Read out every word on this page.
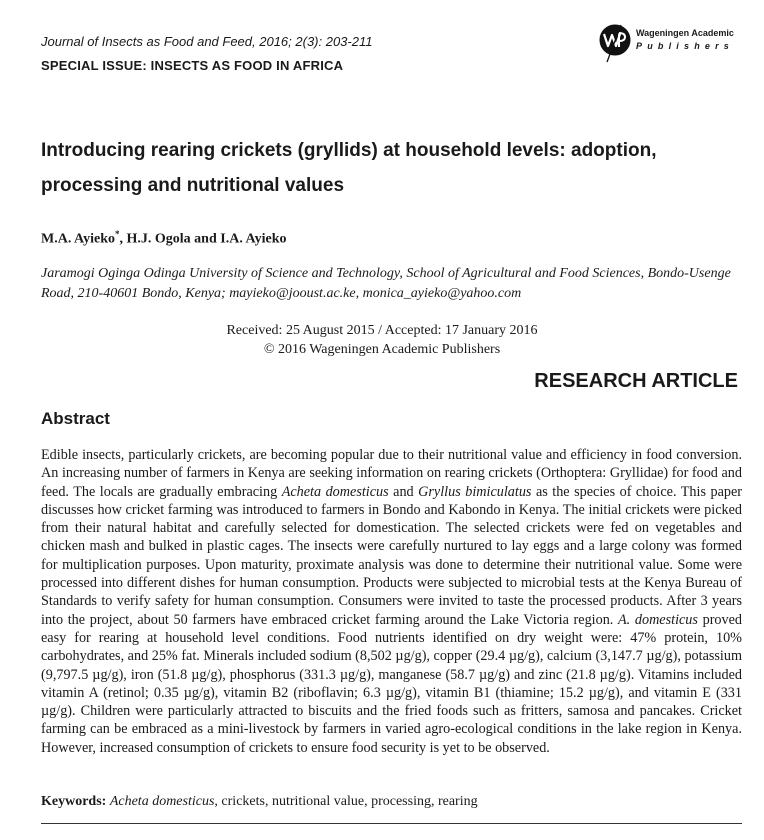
Journal of Insects as Food and Feed, 2016; 2(3): 203-211
SPECIAL ISSUE: INSECTS AS FOOD IN AFRICA
Wageningen Academic
Publishers
Introducing rearing crickets (gryllids) at household levels: adoption, processing and nutritional values
M.A. Ayieko*, H.J. Ogola and I.A. Ayieko
Jaramogi Oginga Odinga University of Science and Technology, School of Agricultural and Food Sciences, Bondo-Usenge Road, 210-40601 Bondo, Kenya; mayieko@jooust.ac.ke, monica_ayieko@yahoo.com
Received: 25 August 2015 / Accepted: 17 January 2016
© 2016 Wageningen Academic Publishers
RESEARCH ARTICLE
Abstract
Edible insects, particularly crickets, are becoming popular due to their nutritional value and efficiency in food conversion. An increasing number of farmers in Kenya are seeking information on rearing crickets (Orthoptera: Gryllidae) for food and feed. The locals are gradually embracing Acheta domesticus and Gryllus bimiculatus as the species of choice. This paper discusses how cricket farming was introduced to farmers in Bondo and Kabondo in Kenya. The initial crickets were picked from their natural habitat and carefully selected for domestication. The selected crickets were fed on vegetables and chicken mash and bulked in plastic cages. The insects were carefully nurtured to lay eggs and a large colony was formed for multiplication purposes. Upon maturity, proximate analysis was done to determine their nutritional value. Some were processed into different dishes for human consumption. Products were subjected to microbial tests at the Kenya Bureau of Standards to verify safety for human consumption. Consumers were invited to taste the processed products. After 3 years into the project, about 50 farmers have embraced cricket farming around the Lake Victoria region. A. domesticus proved easy for rearing at household level conditions. Food nutrients identified on dry weight were: 47% protein, 10% carbohydrates, and 25% fat. Minerals included sodium (8,502 µg/g), copper (29.4 µg/g), calcium (3,147.7 µg/g), potassium (9,797.5 µg/g), iron (51.8 µg/g), phosphorus (331.3 µg/g), manganese (58.7 µg/g) and zinc (21.8 µg/g). Vitamins included vitamin A (retinol; 0.35 µg/g), vitamin B2 (riboflavin; 6.3 µg/g), vitamin B1 (thiamine; 15.2 µg/g), and vitamin E (331 µg/g). Children were particularly attracted to biscuits and the fried foods such as fritters, samosa and pancakes. Cricket farming can be embraced as a mini-livestock by farmers in varied agro-ecological conditions in the lake region in Kenya. However, increased consumption of crickets to ensure food security is yet to be observed.
Keywords: Acheta domesticus, crickets, nutritional value, processing, rearing
